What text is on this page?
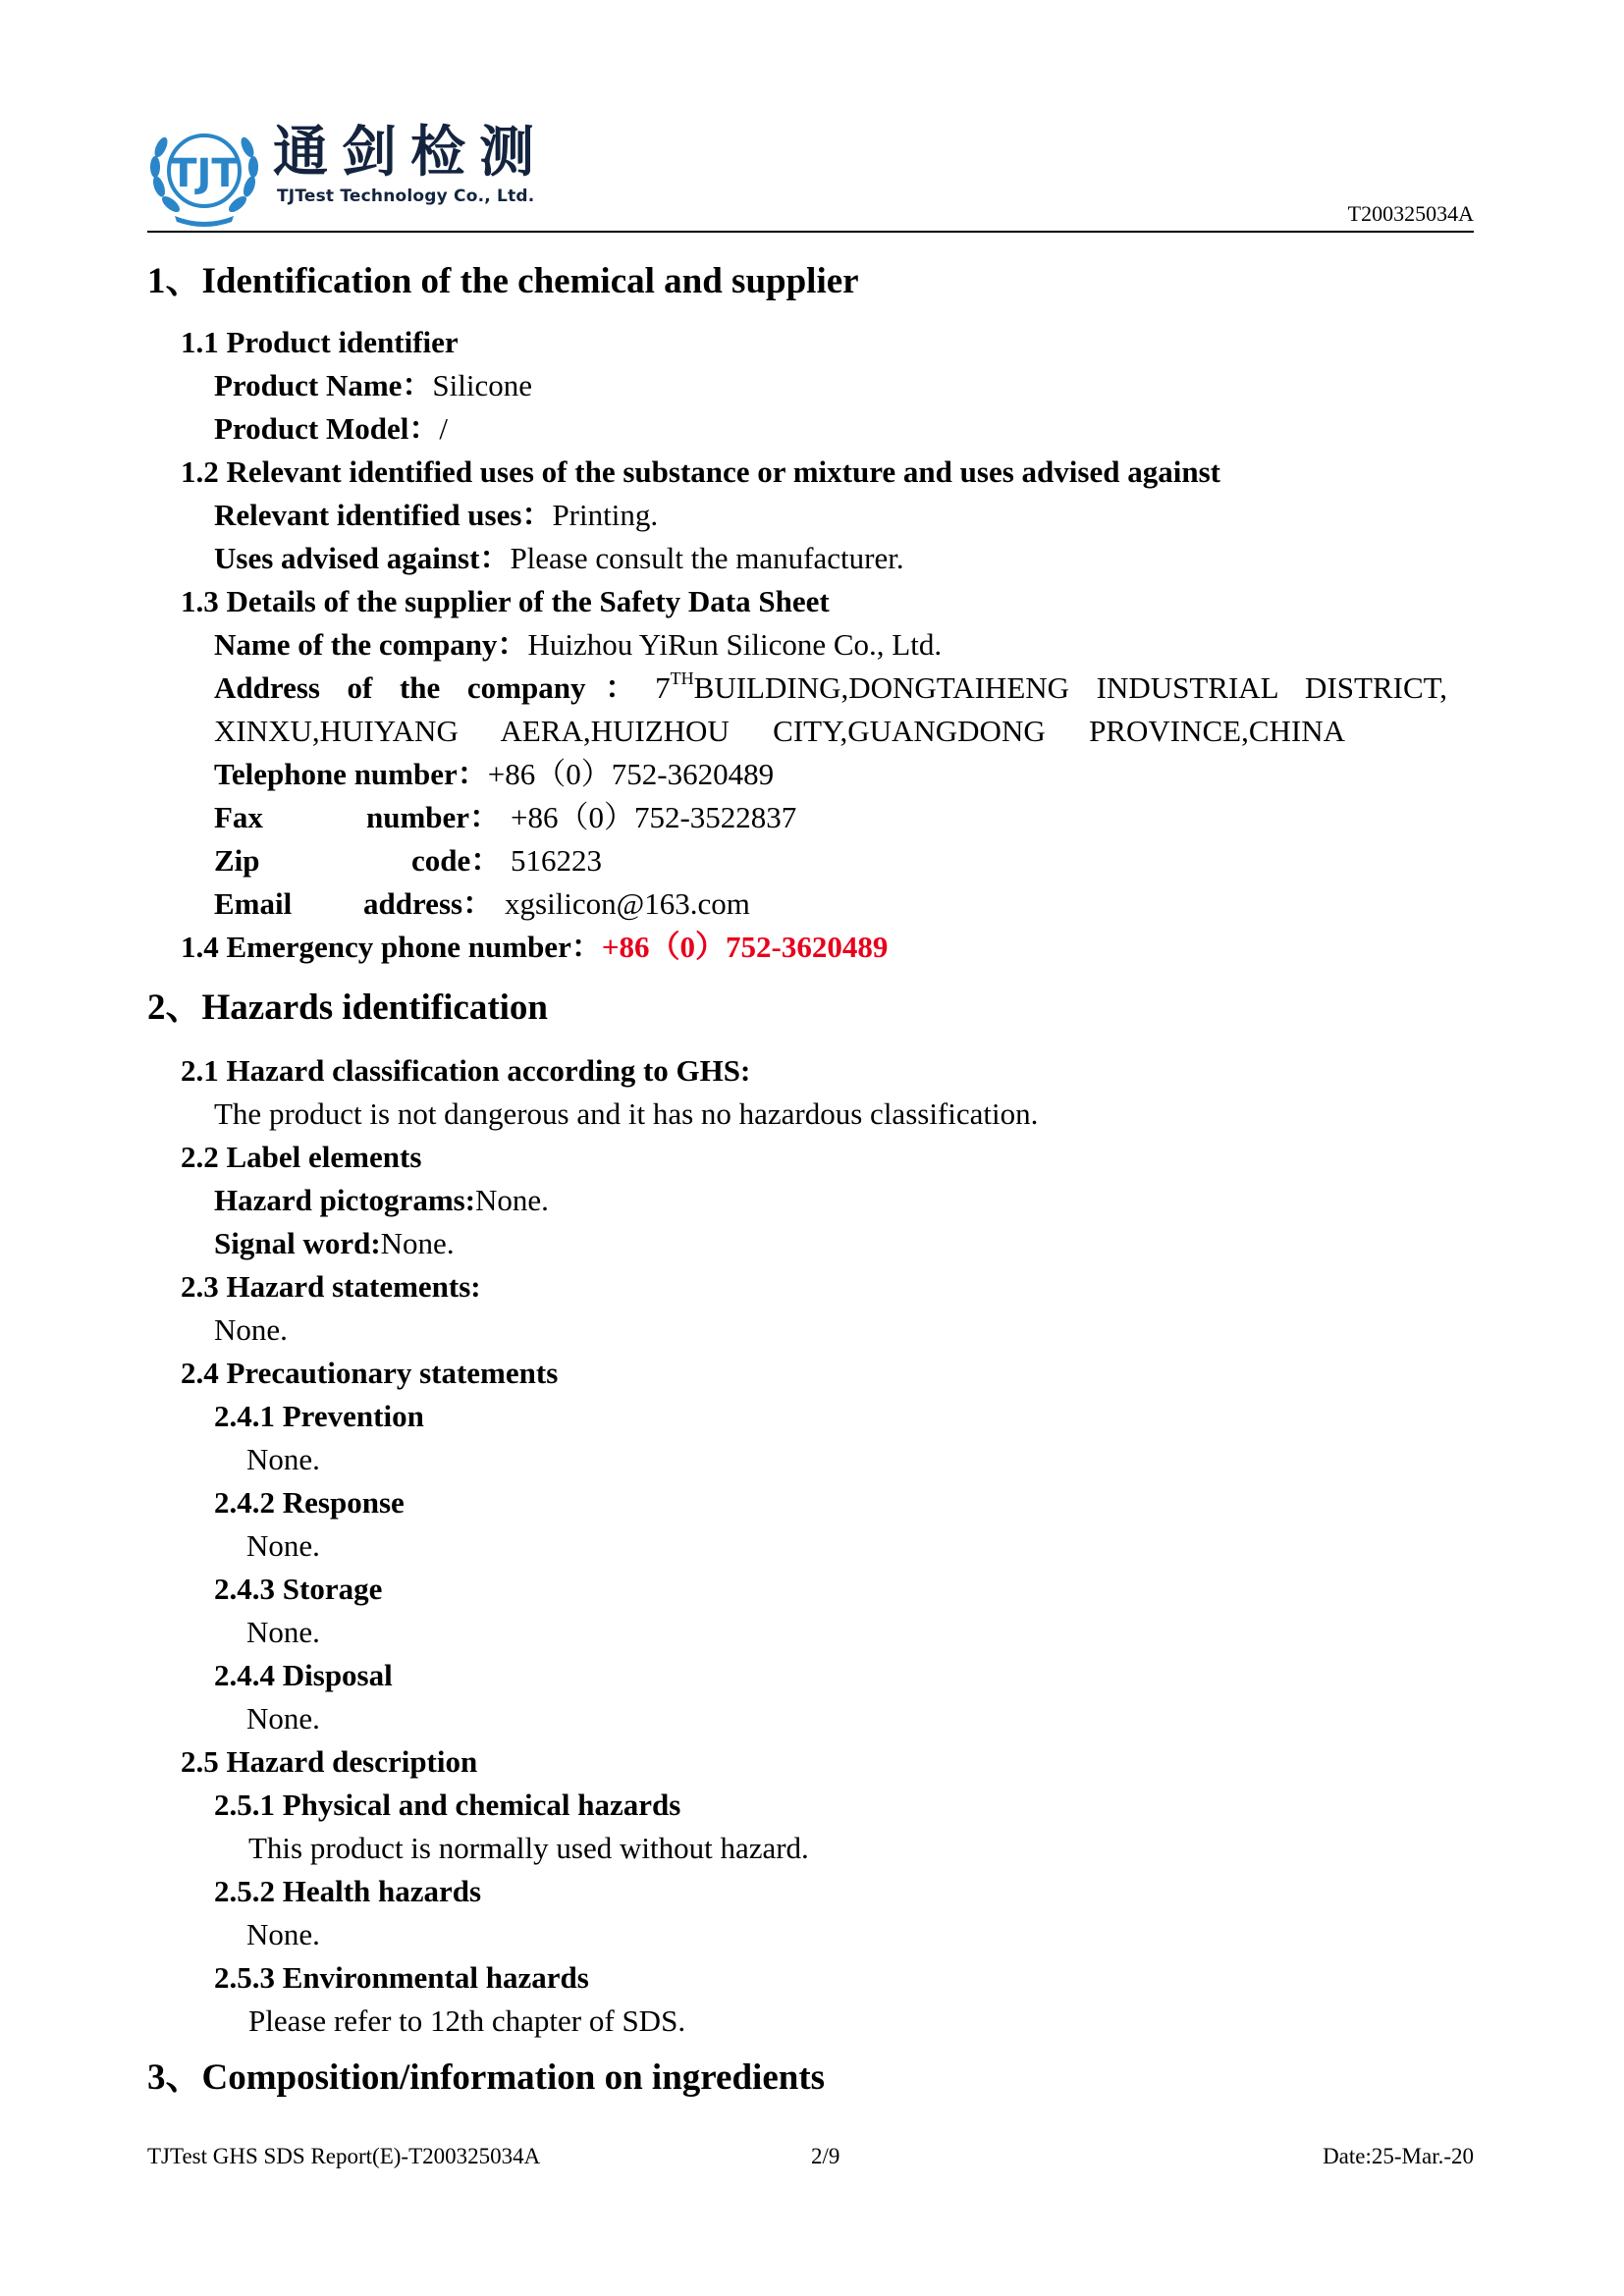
TJT 通剑检测
TJTest Technology Co., Ltd.
T200325034A
1、Identification of the chemical and supplier
1.1 Product identifier
Product Name：Silicone
Product Model：/
1.2 Relevant identified uses of the substance or mixture and uses advised against
Relevant identified uses：Printing.
Uses advised against：Please consult the manufacturer.
1.3 Details of the supplier of the Safety Data Sheet
Name of the company：Huizhou YiRun Silicone Co., Ltd.
Address of the company：7THBUILDING,DONGTAIHENG INDUSTRIAL DISTRICT,
XINXU,HUIYANG AERA,HUIZHOU CITY,GUANGDONG PROVINCE,CHINA
Telephone number：+86（0）752-3620489
Fax	number： +86（0）752-3522837
Zip	code： 516223
Email address： xgsilicon@163.com
1.4 Emergency phone number：+86（0）752-3620489
2、Hazards identification
2.1 Hazard classification according to GHS:
The product is not dangerous and it has no hazardous classification.
2.2 Label elements
Hazard pictograms:None.
Signal word:None.
2.3 Hazard statements:
None.
2.4 Precautionary statements
2.4.1 Prevention
None.
2.4.2 Response
None.
2.4.3 Storage
None.
2.4.4 Disposal
None.
2.5 Hazard description
2.5.1 Physical and chemical hazards
This product is normally used without hazard.
2.5.2 Health hazards
None.
2.5.3 Environmental hazards
Please refer to 12th chapter of SDS.
3、Composition/information on ingredients
TJTest GHS SDS Report(E)-T200325034A	2/9	Date:25-Mar.-20
